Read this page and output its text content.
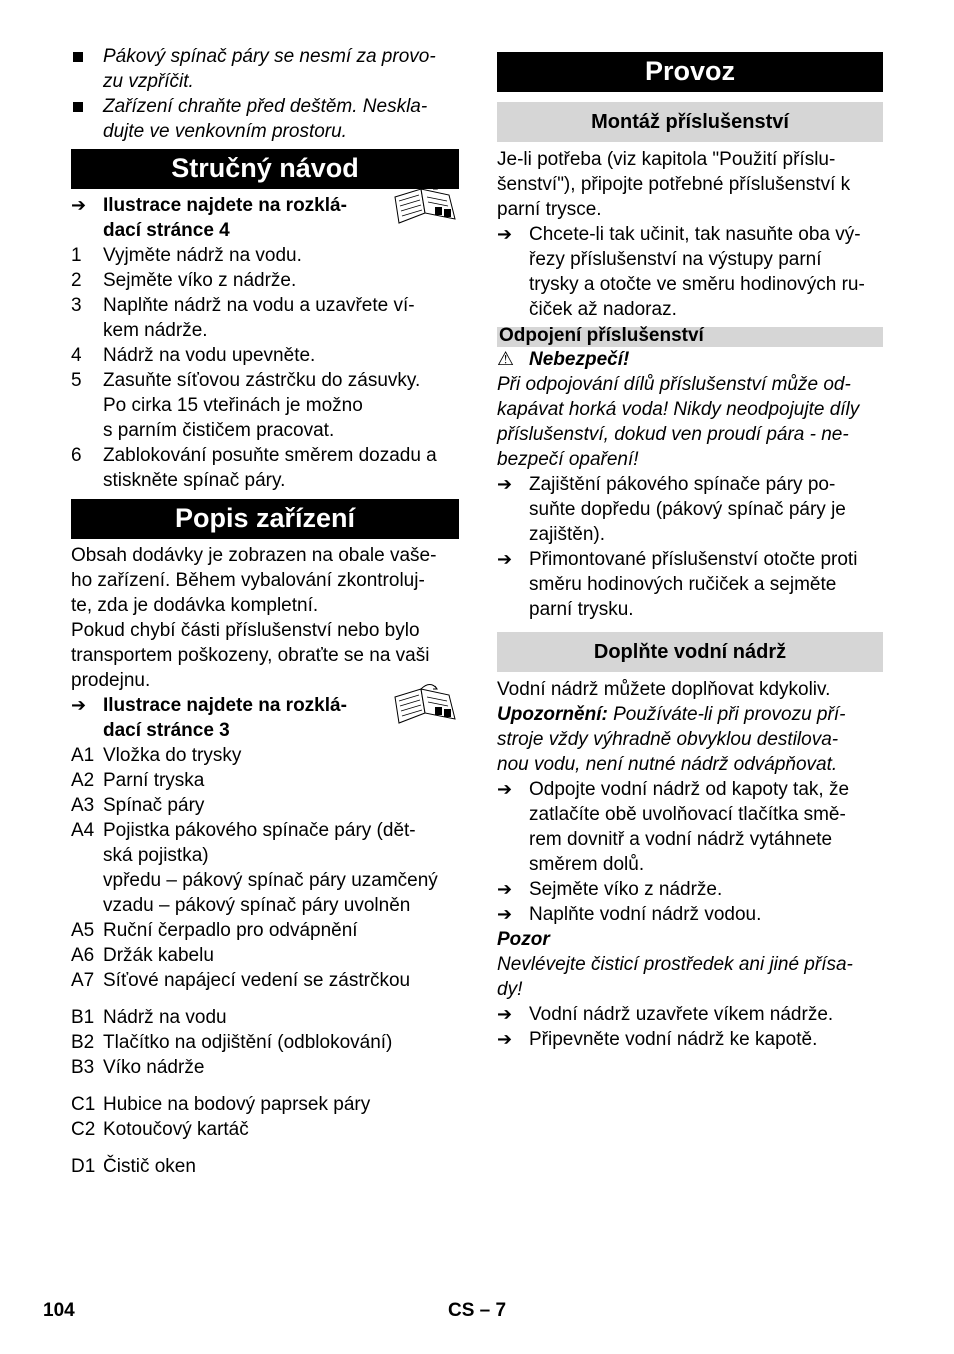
Pákový spínač páry se nesmí za provo-
zu vzpříčit.
Zařízení chraňte před deštěm. Neskla-
dujte ve venkovním prostoru.
Stručný návod
➔ Ilustrace najdete na rozklá-
dací stránce 4
1	Vyjměte nádrž na vodu.
2	Sejměte víko z nádrže.
3	Naplňte nádrž na vodu a uzavřete ví-
kem nádrže.
4	Nádrž na vodu upevněte.
5	Zasuňte síťovou zástrčku do zásuvky.
Po cirka 15 vteřinách je možno
s parním čističem pracovat.
6	Zablokování posuňte směrem dozadu a
stiskněte spínač páry.
Popis zařízení
Obsah dodávky je zobrazen na obale vaše-
ho zařízení. Během vybalování zkontroluj-
te, zda je dodávka kompletní.
Pokud chybí části příslušenství nebo bylo
transportem poškozeny, obraťte se na vaši
prodejnu.
➔ Ilustrace najdete na rozklá-
dací stránce 3
A1 Vložka do trysky
A2 Parní tryska
A3 Spínač páry
A4 Pojistka pákového spínače páry (dět-
ská pojistka)
vpředu – pákový spínač páry uzamčený
vzadu – pákový spínač páry uvolněn
A5 Ruční čerpadlo pro odvápnění
A6 Držák kabelu
A7 Síťové napájecí vedení se zástrčkou
B1 Nádrž na vodu
B2 Tlačítko na odjištění (odblokování)
B3 Víko nádrže
C1 Hubice na bodový paprsek páry
C2 Kotoučový kartáč
D1 Čistič oken
Provoz
Montáž příslušenství
Je-li potřeba (viz kapitola "Použití příslu-
šenství"), připojte potřebné příslušenství k
parní trysce.
➔ Chcete-li tak učinit, tak nasuňte oba vý-
řezy příslušenství na výstupy parní
trysky a otočte ve směru hodinových ru-
čiček až nadoraz.
Odpojení příslušenství
⚠ Nebezpečí!
Při odpojování dílů příslušenství může od-
kapávat horká voda! Nikdy neodpojujte díly
příslušenství, dokud ven proudí pára - ne-
bezpečí opaření!
➔ Zajištění pákového spínače páry po-
suňte dopředu (pákový spínač páry je
zajištěn).
➔ Přimontované příslušenství otočte proti
směru hodinových ručiček a sejměte
parní trysku.
Doplňte vodní nádrž
Vodní nádrž můžete doplňovat kdykoliv.
Upozornění: Používáte-li při provozu pří-
stroje vždy výhradně obvyklou destilova-
nou vodu, není nutné nádrž odvápňovat.
➔ Odpojte vodní nádrž od kapoty tak, že
zatlačíte obě uvolňovací tlačítka smě-
rem dovnitř a vodní nádrž vytáhnete
směrem dolů.
➔ Sejměte víko z nádrže.
➔ Naplňte vodní nádrž vodou.
Pozor
Nevlévejte čisticí prostředek ani jiné přísa-
dy!
➔ Vodní nádrž uzavřete víkem nádrže.
➔ Připevněte vodní nádrž ke kapotě.
104	CS – 7
